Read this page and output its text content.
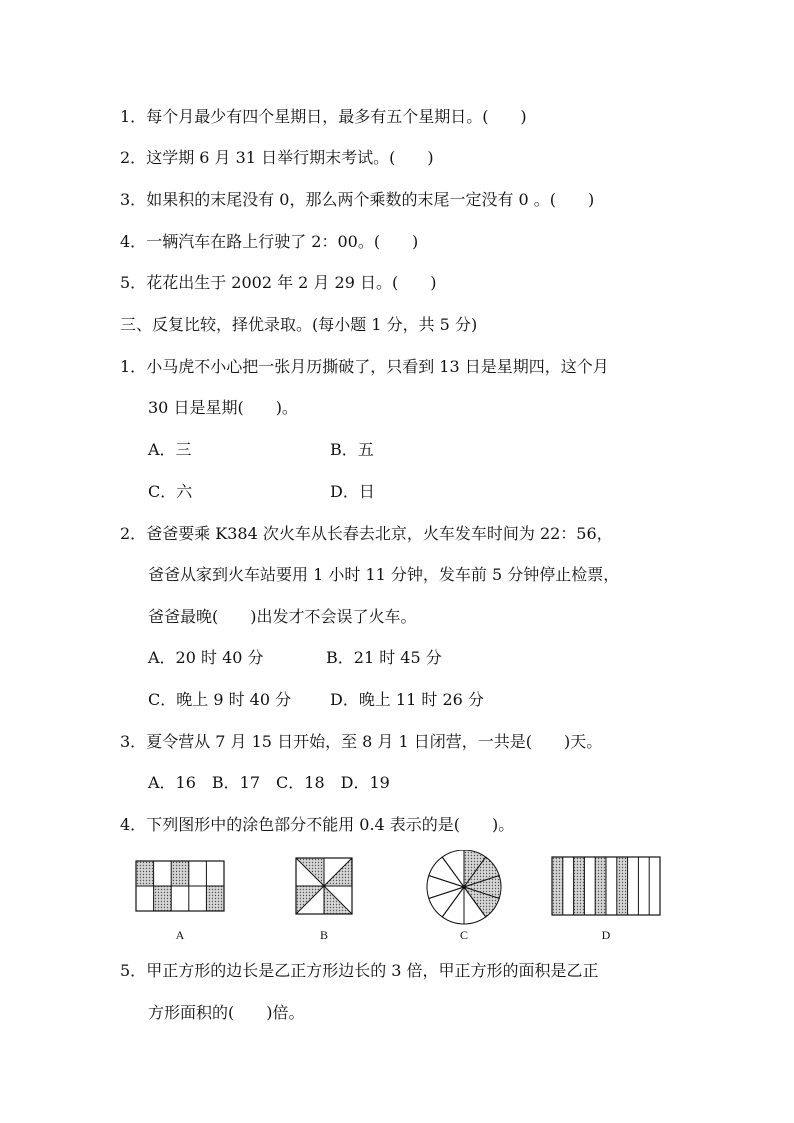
1．每个月最少有四个星期日，最多有五个星期日。(　　)
2．这学期 6 月 31 日举行期末考试。(　　)
3．如果积的末尾没有 0，那么两个乘数的末尾一定没有 0 。(　　)
4．一辆汽车在路上行驶了 2：00。(　　)
5．花花出生于 2002 年 2 月 29 日。(　　)
三、反复比较，择优录取。(每小题 1 分，共 5 分)
1．小马虎不小心把一张月历撕破了，只看到 13 日是星期四，这个月
30 日是星期(　　)。
A．三	B．五
C．六	D．日
2．爸爸要乘 K384 次火车从长春去北京，火车发车时间为 22：56，
爸爸从家到火车站要用 1 小时 11 分钟，发车前 5 分钟停止检票，
爸爸最晚(　　)出发才不会误了火车。
A．20 时 40 分	B．21 时 45 分
C．晚上 9 时 40 分 D．晚上 11 时 26 分
3．夏令营从 7 月 15 日开始，至 8 月 1 日闭营，一共是(　　)天。
A．16　B．17　C．18　D．19
4．下列图形中的涂色部分不能用 0.4 表示的是(　　)。
A	B	C	D
5．甲正方形的边长是乙正方形边长的 3 倍，甲正方形的面积是乙正
方形面积的(　　)倍。
